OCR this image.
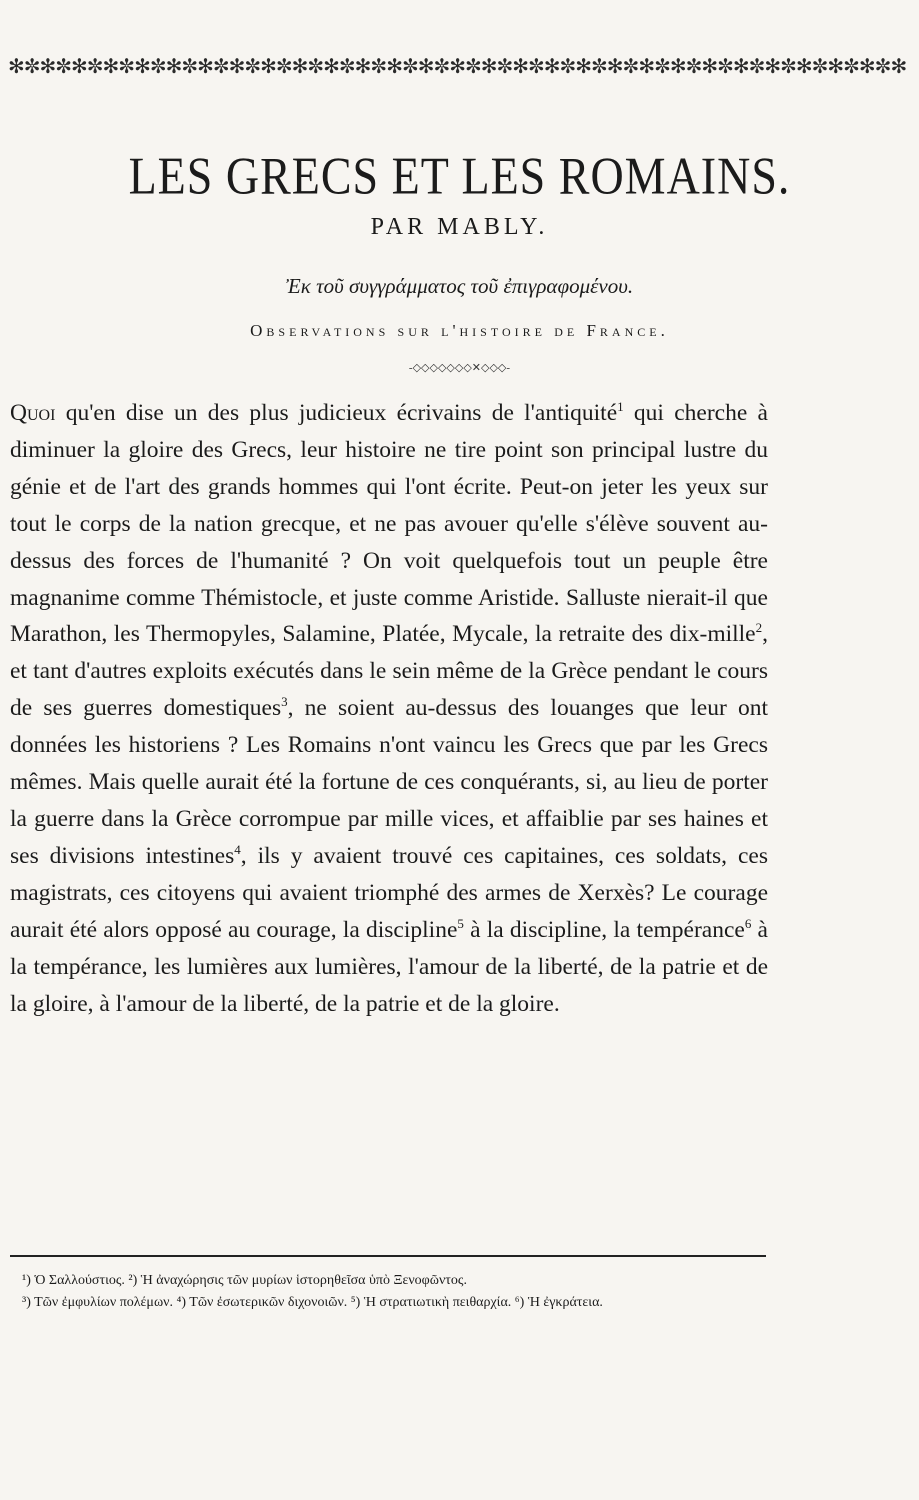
✻✼✻✼✻✼✻✼✻✼✻✼✻✼✻✼✻✼✻✼✻✼✻✼✻✼✻✼✻✼✻✼✻✼✻✼✻✼✻✼✻✼✻✼✻✼✻✼✻✼✻✼✻✼✻✼✻
LES GRECS ET LES ROMAINS.
PAR MABLY.
Ἐκ τοῦ συγγράμματος τοῦ ἐπιγραφομένου.
Observations sur l'histoire de France.
-◇◇◇◇◇◇◇✕◇◇◇-

Quoi qu'en dise un des plus judicieux écrivains de l'antiquité$^1$ qui cherche à diminuer la gloire des Grecs, leur histoire ne tire point son principal lustre du génie et de l'art des grands hommes qui l'ont écrite. Peut-on jeter les yeux sur tout le corps de la nation grecque, et ne pas avouer qu'elle s'élève souvent au-dessus des forces de l'humanité ? On voit quelquefois tout un peuple être magnanime comme Thémistocle, et juste comme Aristide. Salluste nierait-il que Marathon, les Thermopyles, Salamine, Platée, Mycale, la retraite des dix-mille$^2$, et tant d'autres exploits exécutés dans le sein même de la Grèce pendant le cours de ses guerres domestiques$^3$, ne soient au-dessus des louanges que leur ont données les historiens ? Les Romains n'ont vaincu les Grecs que par les Grecs mêmes. Mais quelle aurait été la fortune de ces conquérants, si, au lieu de porter la guerre dans la Grèce corrompue par mille vices, et affaiblie par ses haines et ses divisions intestines$^4$, ils y avaient trouvé ces capitaines, ces soldats, ces magistrats, ces citoyens qui avaient triomphé des armes de Xerxès? Le courage aurait été alors opposé au courage, la discipline$^5$ à la discipline, la tempérance$^6$ à la tempérance, les lumières aux lumières, l'amour de la liberté, de la patrie et de la gloire, à l'amour de la liberté, de la patrie et de la gloire.

¹) Ὁ Σαλλούστιος. ²) Ἡ ἀναχώρησις τῶν μυρίων ἱστορηθεῖσα ὑπὸ Ξενοφῶντος.

³) Τῶν ἐμφυλίων πολέμων. ⁴) Τῶν ἐσωτερικῶν διχονοιῶν. ⁵) Ἡ στρατιωτικὴ πειθαρχία. ⁶) Ἡ ἐγκράτεια.
